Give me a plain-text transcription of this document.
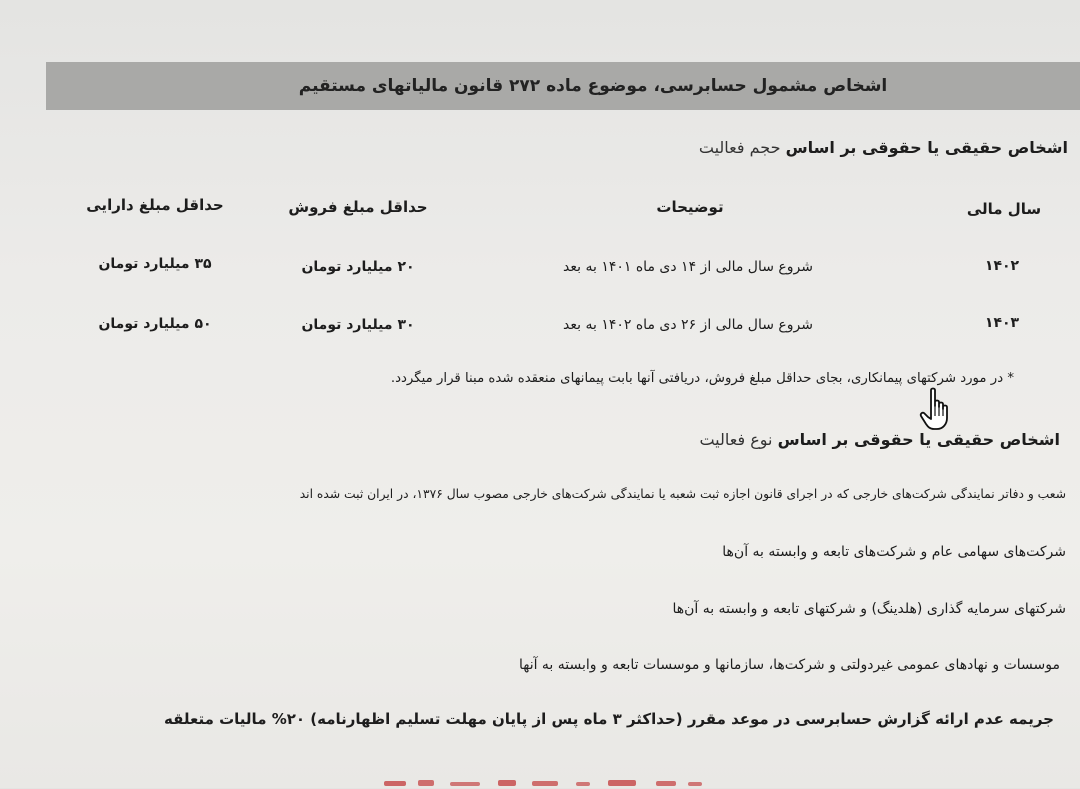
اشخاص مشمول حسابرسی، موضوع ماده ۲۷۲ قانون مالیاتهای مستقیم
اشخاص حقیقی یا حقوقی بر اساس حجم فعالیت
سال مالی
توضیحات
حداقل مبلغ فروش
حداقل مبلغ دارایی
۱۴۰۲
شروع سال مالی از ۱۴ دی ماه ۱۴۰۱ به بعد
۲۰ میلیارد تومان
۳۵ میلیارد تومان
۱۴۰۳
شروع سال مالی از ۲۶ دی ماه ۱۴۰۲ به بعد
۳۰ میلیارد تومان
۵۰ میلیارد تومان
* در مورد شرکتهای پیمانکاری، بجای حداقل مبلغ فروش، دریافتی آنها بابت پیمانهای منعقده شده مبنا قرار میگردد.
اشخاص حقیقی یا حقوقی بر اساس نوع فعالیت
شعب و دفاتر نمایندگی شرکت‌های خارجی که در اجرای قانون اجازه ثبت شعبه یا نمایندگی شرکت‌های خارجی مصوب سال ۱۳۷۶، در ایران ثبت شده اند
شرکت‌های سهامی عام و شرکت‌های تابعه و وابسته به آن‌ها
شرکتهای سرمایه گذاری (هلدینگ) و شرکتهای تابعه و وابسته به آن‌ها
موسسات و نهادهای عمومی غیردولتی و شرکت‌ها، سازمانها و موسسات تابعه و وابسته به آنها
جریمه عدم ارائه گزارش حسابرسی در موعد مقرر (حداکثر ۳ ماه پس از پایان مهلت تسلیم اظهارنامه) ۲۰% مالیات متعلقه
